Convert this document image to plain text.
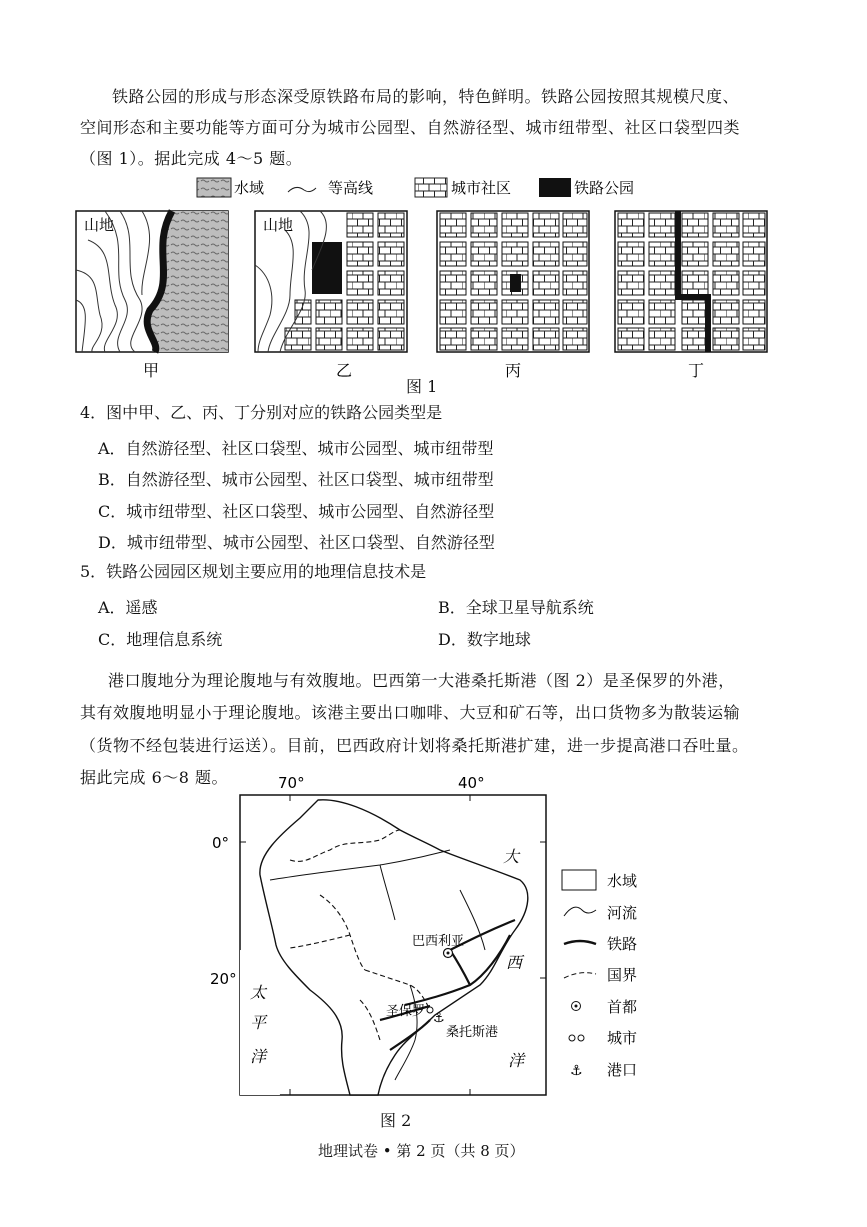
铁路公园的形成与形态深受原铁路布局的影响，特色鲜明。铁路公园按照其规模尺度、
空间形态和主要功能等方面可分为城市公园型、自然游径型、城市纽带型、社区口袋型四类
（图 1）。据此完成 4～5 题。
水域	等高线	城市社区	铁路公园
山地	山地
甲	乙	丙	丁
图 1
4．图中甲、乙、丙、丁分别对应的铁路公园类型是
A．自然游径型、社区口袋型、城市公园型、城市纽带型
B．自然游径型、城市公园型、社区口袋型、城市纽带型
C．城市纽带型、社区口袋型、城市公园型、自然游径型
D．城市纽带型、城市公园型、社区口袋型、自然游径型
5．铁路公园园区规划主要应用的地理信息技术是
A．遥感	B．全球卫星导航系统
C．地理信息系统	D．数字地球
港口腹地分为理论腹地与有效腹地。巴西第一大港桑托斯港（图 2）是圣保罗的外港，
其有效腹地明显小于理论腹地。该港主要出口咖啡、大豆和矿石等，出口货物多为散装运输
（货物不经包装进行运送）。目前，巴西政府计划将桑托斯港扩建，进一步提高港口吞吐量。
据此完成 6～8 题。	70°	40°
0°
20°
巴西利亚
圣保罗 ⚓
桑托斯港
大
西
洋
太
平
洋
水域
河流
铁路
国界
首都
城市
⚓ 港口
图 2
地理试卷 • 第 2 页（共 8 页）
